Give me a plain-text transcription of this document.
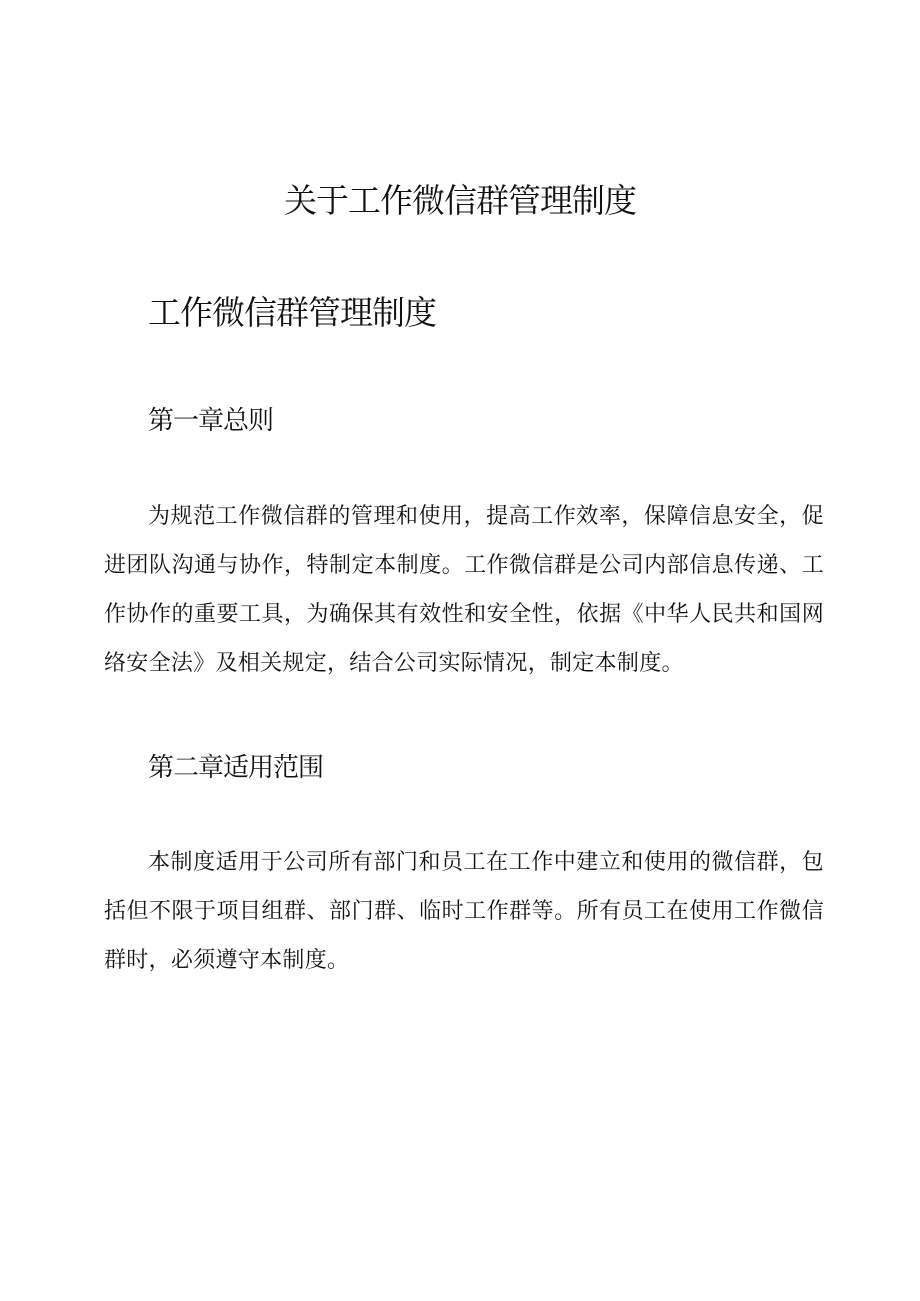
关于工作微信群管理制度
工作微信群管理制度
第一章总则

为规范工作微信群的管理和使用，提高工作效率，保障信息安全，促进团队沟通与协作，特制定本制度。工作微信群是公司内部信息传递、工作协作的重要工具，为确保其有效性和安全性，依据《中华人民共和国网络安全法》及相关规定，结合公司实际情况，制定本制度。

第二章适用范围

本制度适用于公司所有部门和员工在工作中建立和使用的微信群，包括但不限于项目组群、部门群、临时工作群等。所有员工在使用工作微信群时，必须遵守本制度。
